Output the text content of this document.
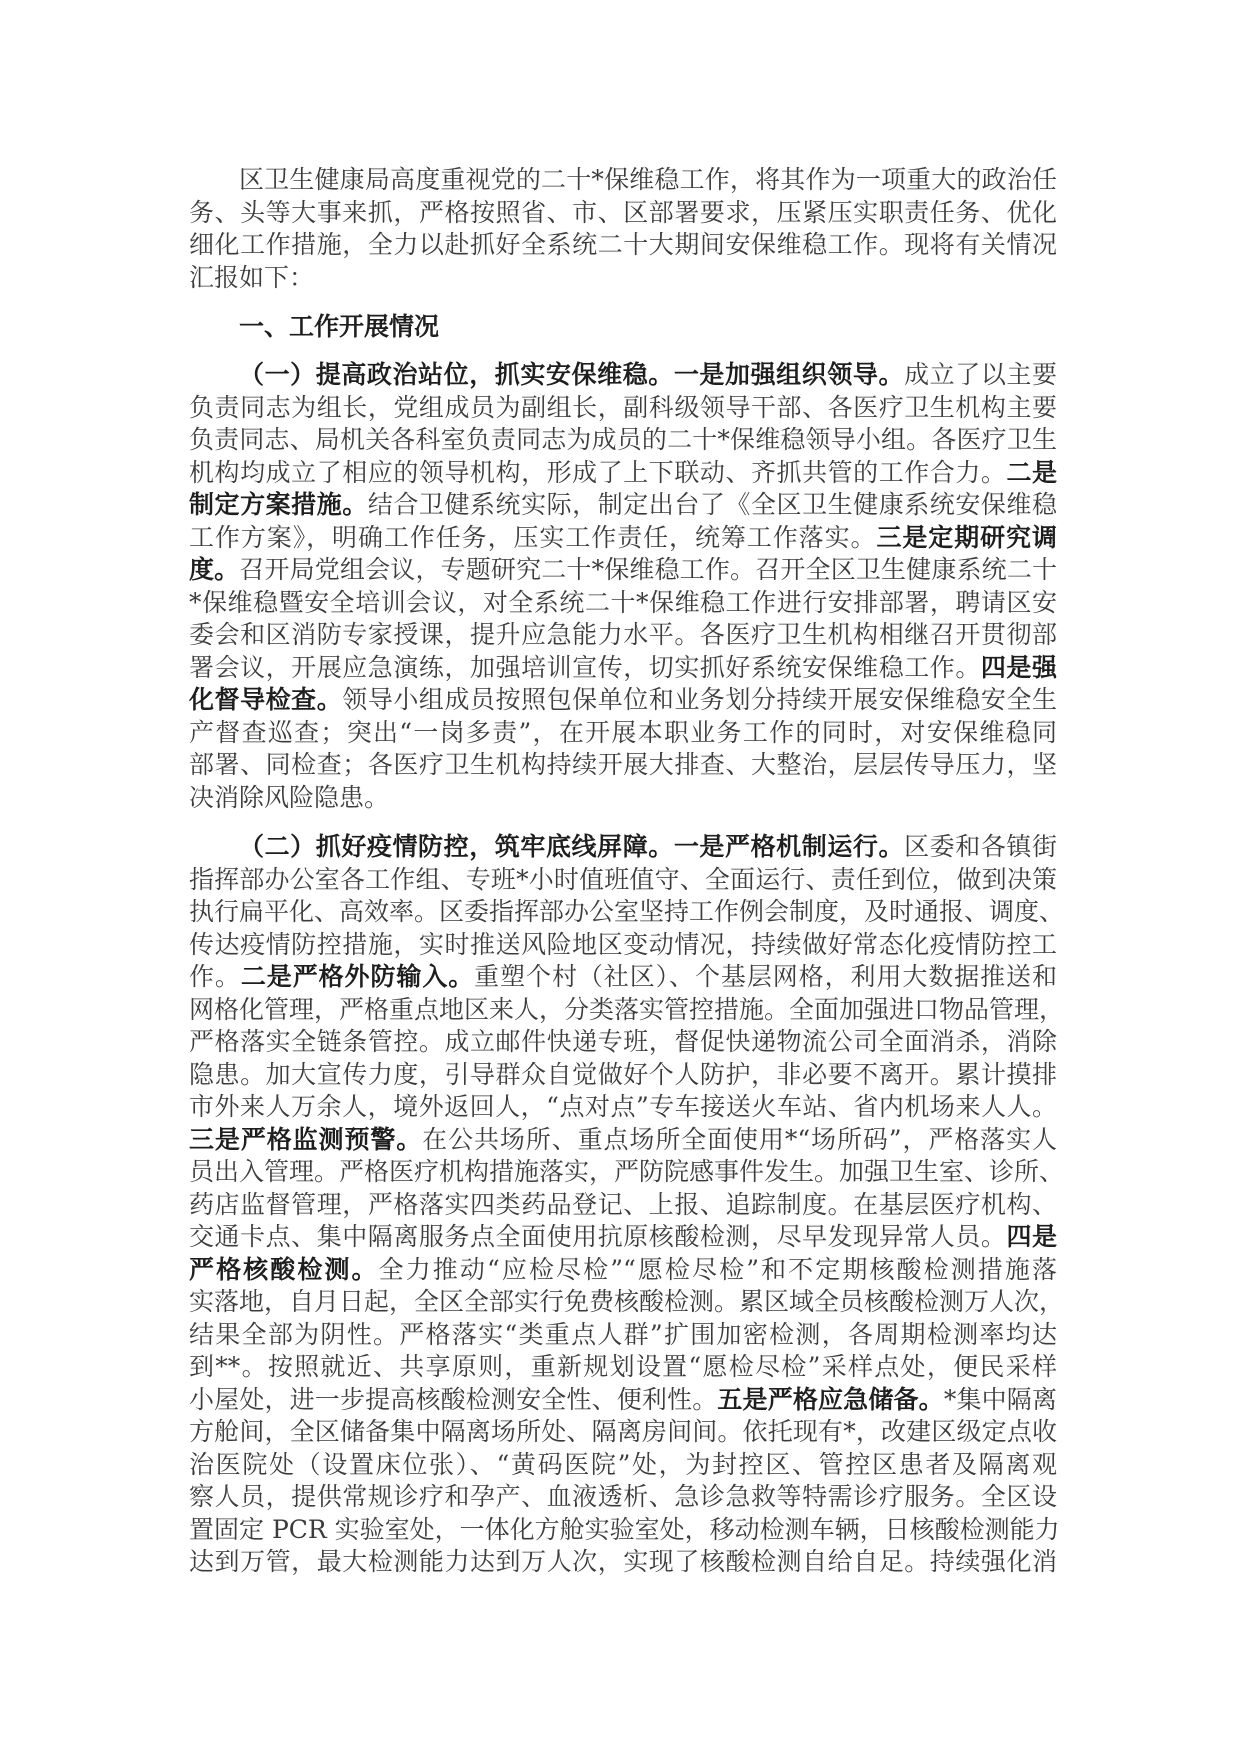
区卫生健康局高度重视党的二十*保维稳工作，将其作为一项重大的政治任
务、头等大事来抓，严格按照省、市、区部署要求，压紧压实职责任务、优化
细化工作措施，全力以赴抓好全系统二十大期间安保维稳工作。现将有关情况
汇报如下：
一、工作开展情况
（一）提高政治站位，抓实安保维稳。一是加强组织领导。成立了以主要
负责同志为组长，党组成员为副组长，副科级领导干部、各医疗卫生机构主要
负责同志、局机关各科室负责同志为成员的二十*保维稳领导小组。各医疗卫生
机构均成立了相应的领导机构，形成了上下联动、齐抓共管的工作合力。二是
制定方案措施。结合卫健系统实际，制定出台了《全区卫生健康系统安保维稳
工作方案》，明确工作任务，压实工作责任，统筹工作落实。三是定期研究调
度。召开局党组会议，专题研究二十*保维稳工作。召开全区卫生健康系统二十
*保维稳暨安全培训会议，对全系统二十*保维稳工作进行安排部署，聘请区安
委会和区消防专家授课，提升应急能力水平。各医疗卫生机构相继召开贯彻部
署会议，开展应急演练，加强培训宣传，切实抓好系统安保维稳工作。四是强
化督导检查。领导小组成员按照包保单位和业务划分持续开展安保维稳安全生
产督查巡查；突出“一岗多责”，在开展本职业务工作的同时，对安保维稳同
部署、同检查；各医疗卫生机构持续开展大排查、大整治，层层传导压力，坚
决消除风险隐患。
（二）抓好疫情防控，筑牢底线屏障。一是严格机制运行。区委和各镇街
指挥部办公室各工作组、专班*小时值班值守、全面运行、责任到位，做到决策
执行扁平化、高效率。区委指挥部办公室坚持工作例会制度，及时通报、调度、
传达疫情防控措施，实时推送风险地区变动情况，持续做好常态化疫情防控工
作。二是严格外防输入。重塑个村（社区）、个基层网格，利用大数据推送和
网格化管理，严格重点地区来人，分类落实管控措施。全面加强进口物品管理，
严格落实全链条管控。成立邮件快递专班，督促快递物流公司全面消杀，消除
隐患。加大宣传力度，引导群众自觉做好个人防护，非必要不离开。累计摸排
市外来人万余人，境外返回人，“点对点”专车接送火车站、省内机场来人人。
三是严格监测预警。在公共场所、重点场所全面使用*“场所码”，严格落实人
员出入管理。严格医疗机构措施落实，严防院感事件发生。加强卫生室、诊所、
药店监督管理，严格落实四类药品登记、上报、追踪制度。在基层医疗机构、
交通卡点、集中隔离服务点全面使用抗原核酸检测，尽早发现异常人员。四是
严格核酸检测。全力推动“应检尽检”“愿检尽检”和不定期核酸检测措施落
实落地，自月日起，全区全部实行免费核酸检测。累区域全员核酸检测万人次，
结果全部为阴性。严格落实“类重点人群”扩围加密检测，各周期检测率均达
到**。按照就近、共享原则，重新规划设置“愿检尽检”采样点处，便民采样
小屋处，进一步提高核酸检测安全性、便利性。五是严格应急储备。*集中隔离
方舱间，全区储备集中隔离场所处、隔离房间间。依托现有*，改建区级定点收
治医院处（设置床位张）、“黄码医院”处，为封控区、管控区患者及隔离观
察人员，提供常规诊疗和孕产、血液透析、急诊急救等特需诊疗服务。全区设
置固定 PCR 实验室处，一体化方舱实验室处，移动检测车辆，日核酸检测能力
达到万管，最大检测能力达到万人次，实现了核酸检测自给自足。持续强化消
